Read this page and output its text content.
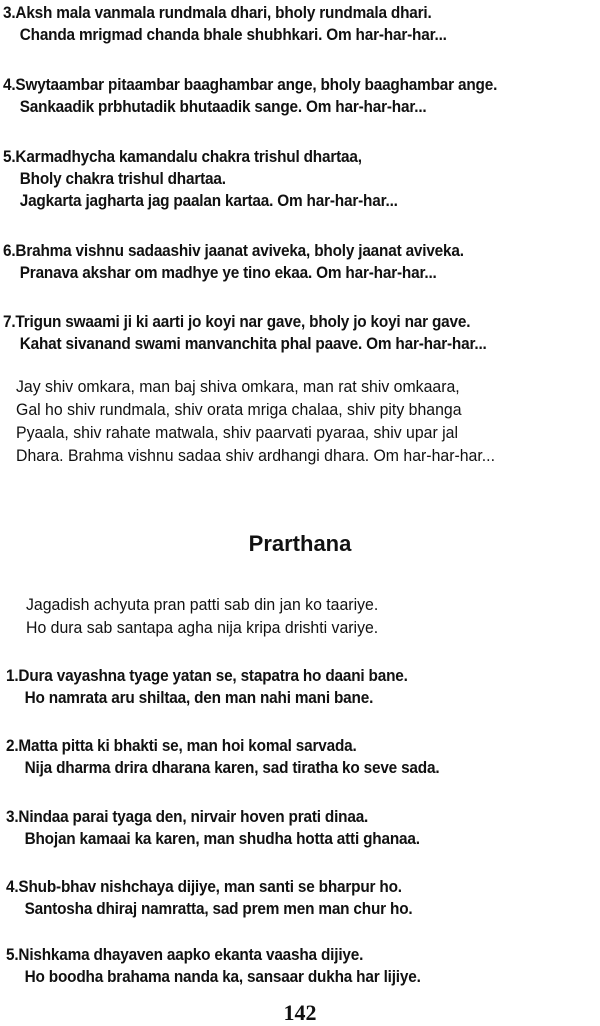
3.Aksh mala vanmala rundmala dhari, bholy rundmala dhari.
Chanda mrigmad chanda bhale shubhkari. Om har-har-har...
4.Swytaambar pitaambar baaghambar ange, bholy baaghambar ange.
Sankaadik prbhutadik bhutaadik sange. Om har-har-har...
5.Karmadhycha kamandalu chakra trishul dhartaa,
Bholy chakra trishul dhartaa.
Jagkarta jagharta jag paalan kartaa. Om har-har-har...
6.Brahma vishnu sadaashiv jaanat aviveka, bholy jaanat aviveka.
Pranava akshar om madhye ye tino ekaa. Om har-har-har...
7.Trigun swaami ji ki aarti jo koyi nar gave, bholy jo koyi nar gave.
Kahat sivanand swami manvanchita phal paave. Om har-har-har...
Jay shiv omkara, man baj shiva omkara, man rat shiv omkaara,
Gal ho shiv rundmala, shiv orata mriga chalaa, shiv pity bhanga
Pyaala, shiv rahate matwala, shiv paarvati pyaraa, shiv upar jal
Dhara. Brahma vishnu sadaa shiv ardhangi dhara. Om har-har-har...
Prarthana
Jagadish achyuta pran patti sab din jan ko taariye.
Ho dura sab santapa agha nija kripa drishti variye.
1.Dura vayashna tyage yatan se, stapatra ho daani bane.
Ho namrata aru shiltaa, den man nahi mani bane.
2.Matta pitta ki bhakti se, man hoi komal sarvada.
Nija dharma drira dharana karen, sad tiratha ko seve sada.
3.Nindaa parai tyaga den, nirvair hoven prati dinaa.
Bhojan kamaai ka karen, man shudha hotta atti ghanaa.
4.Shub-bhav nishchaya dijiye, man santi se bharpur ho.
Santosha dhiraj namratta, sad prem men man chur ho.
5.Nishkama dhayaven aapko ekanta vaasha dijiye.
Ho boodha brahama nanda ka, sansaar dukha har lijiye.
142
